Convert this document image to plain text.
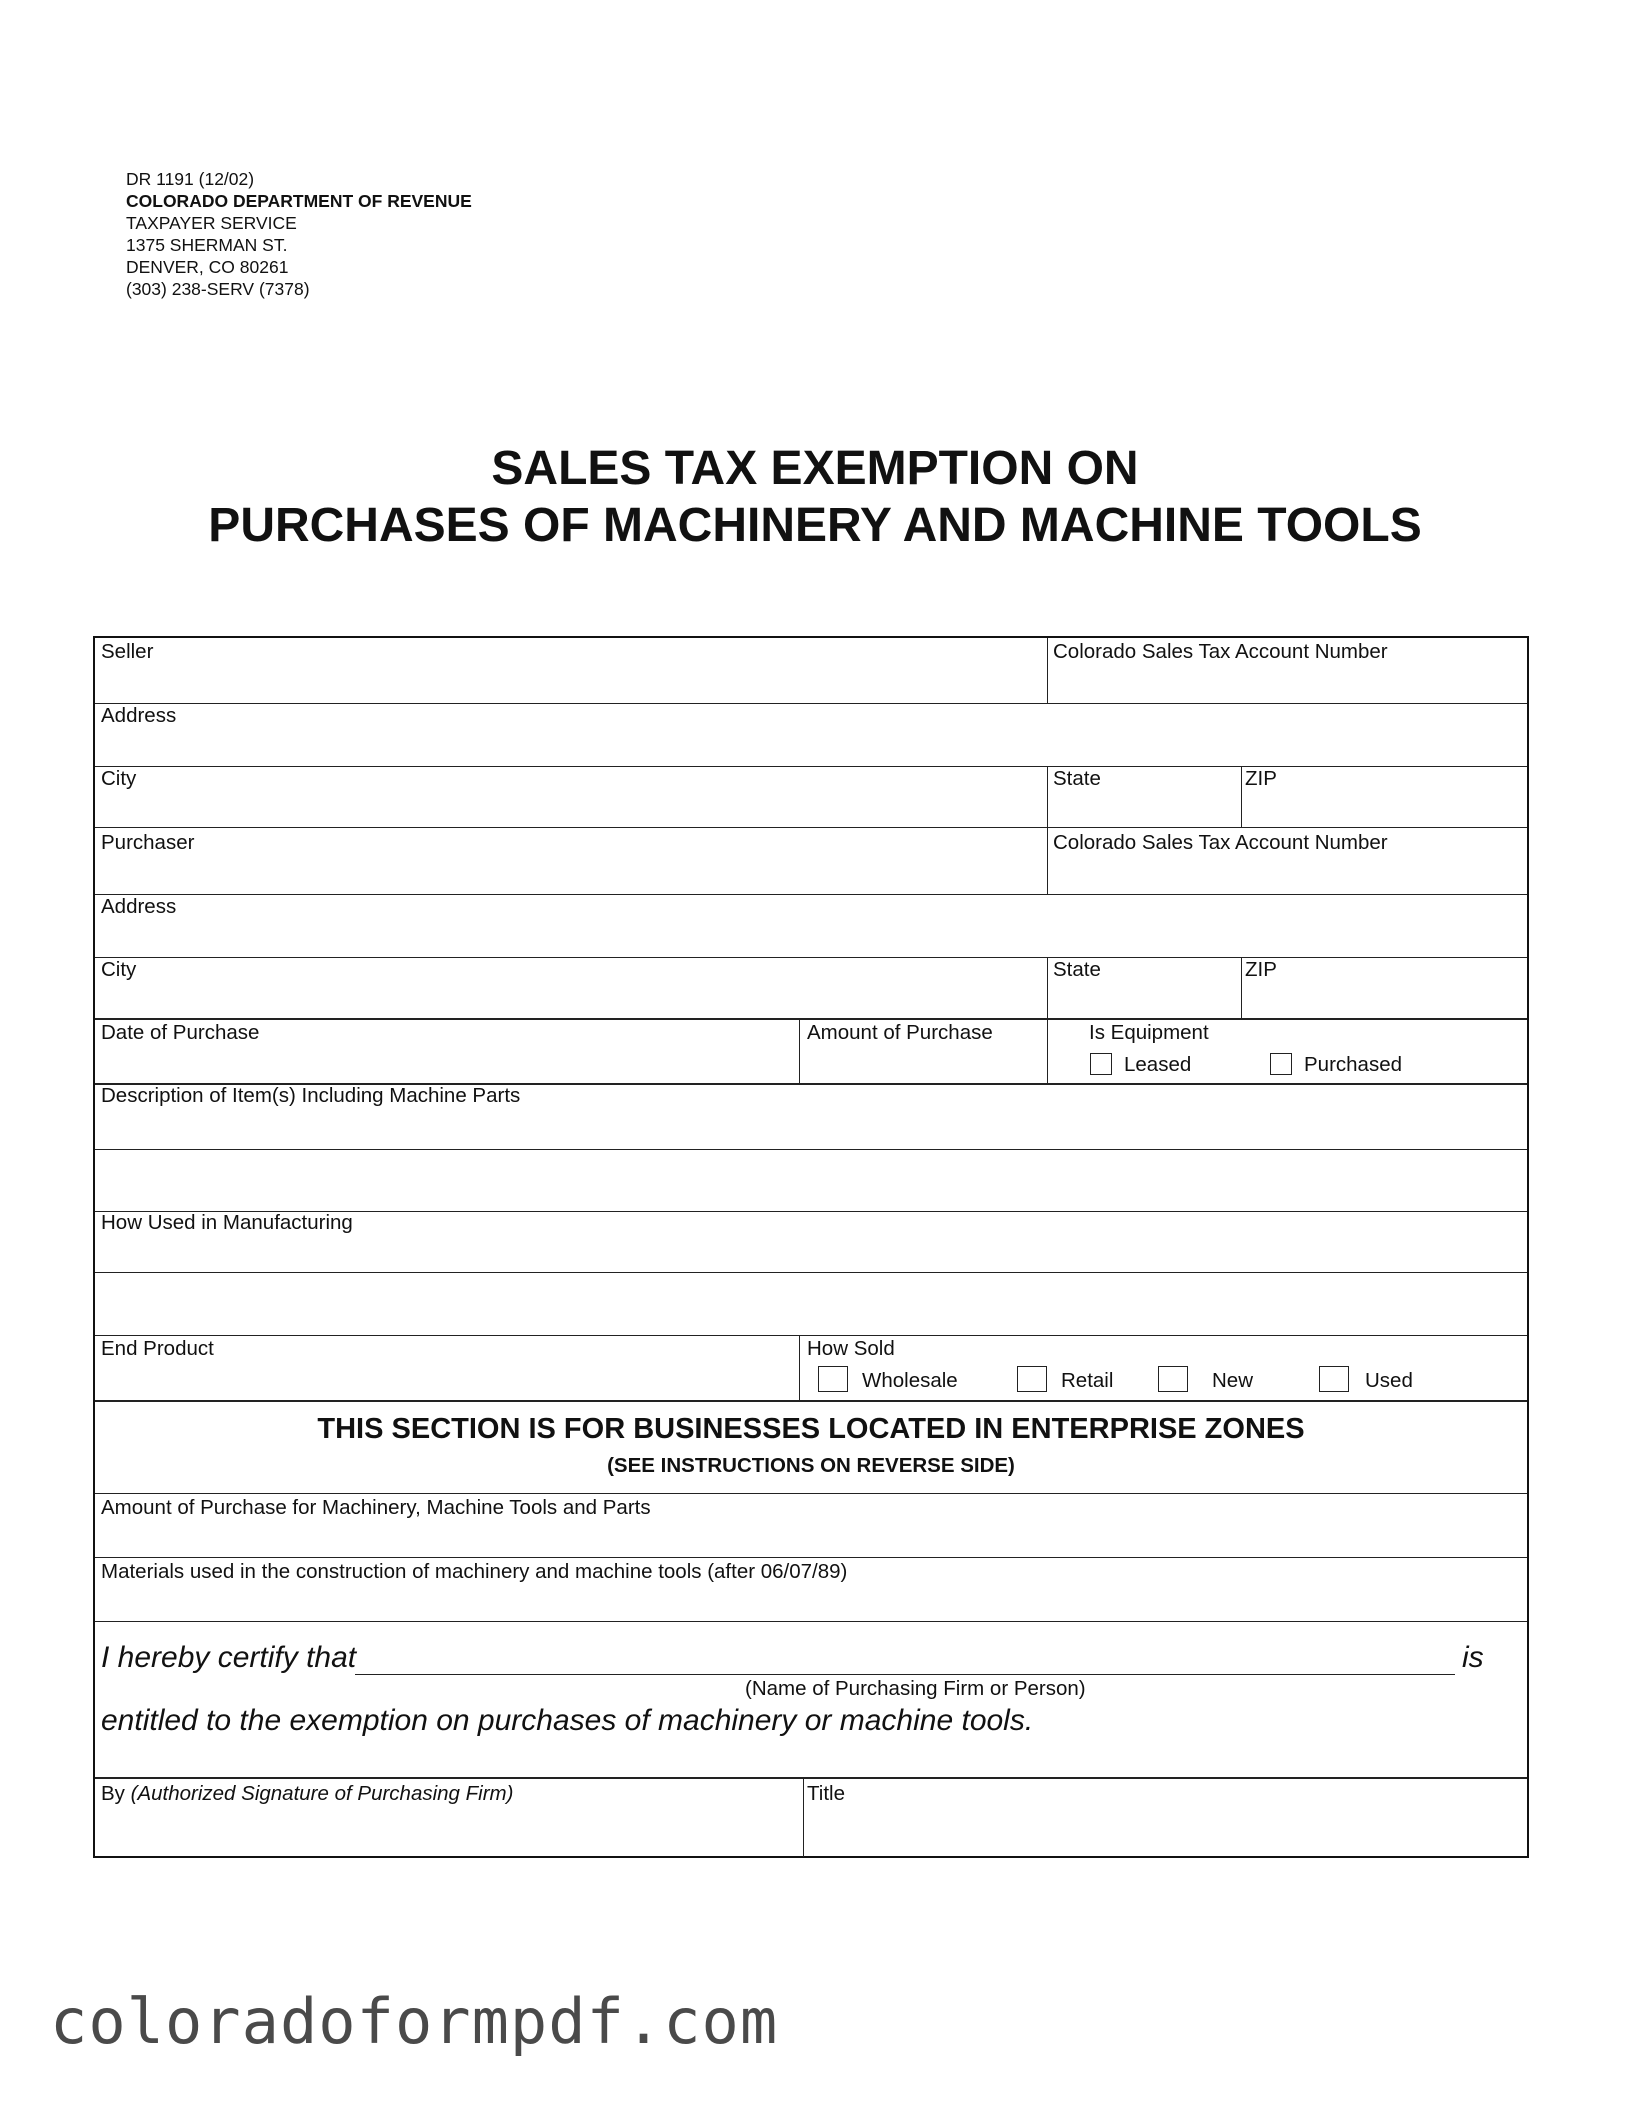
DR 1191 (12/02)
COLORADO DEPARTMENT OF REVENUE
TAXPAYER SERVICE
1375 SHERMAN ST.
DENVER, CO 80261
(303) 238-SERV (7378)
SALES TAX EXEMPTION ON
PURCHASES OF MACHINERY AND MACHINE TOOLS
Seller	Colorado Sales Tax Account Number
Address
City	State	ZIP
Purchaser	Colorado Sales Tax Account Number
Address
City	State	ZIP
Date of Purchase	Amount of Purchase	Is Equipment
Leased	Purchased
Description of Item(s) Including Machine Parts
How Used in Manufacturing
End Product	How Sold
Wholesale	Retail	New	Used
THIS SECTION IS FOR BUSINESSES LOCATED IN ENTERPRISE ZONES
(SEE INSTRUCTIONS ON REVERSE SIDE)
Amount of Purchase for Machinery, Machine Tools and Parts
Materials used in the construction of machinery and machine tools (after 06/07/89)
I hereby certify that	is
(Name of Purchasing Firm or Person)
entitled to the exemption on purchases of machinery or machine tools.
By (Authorized Signature of Purchasing Firm)	Title
coloradoformpdf.com
